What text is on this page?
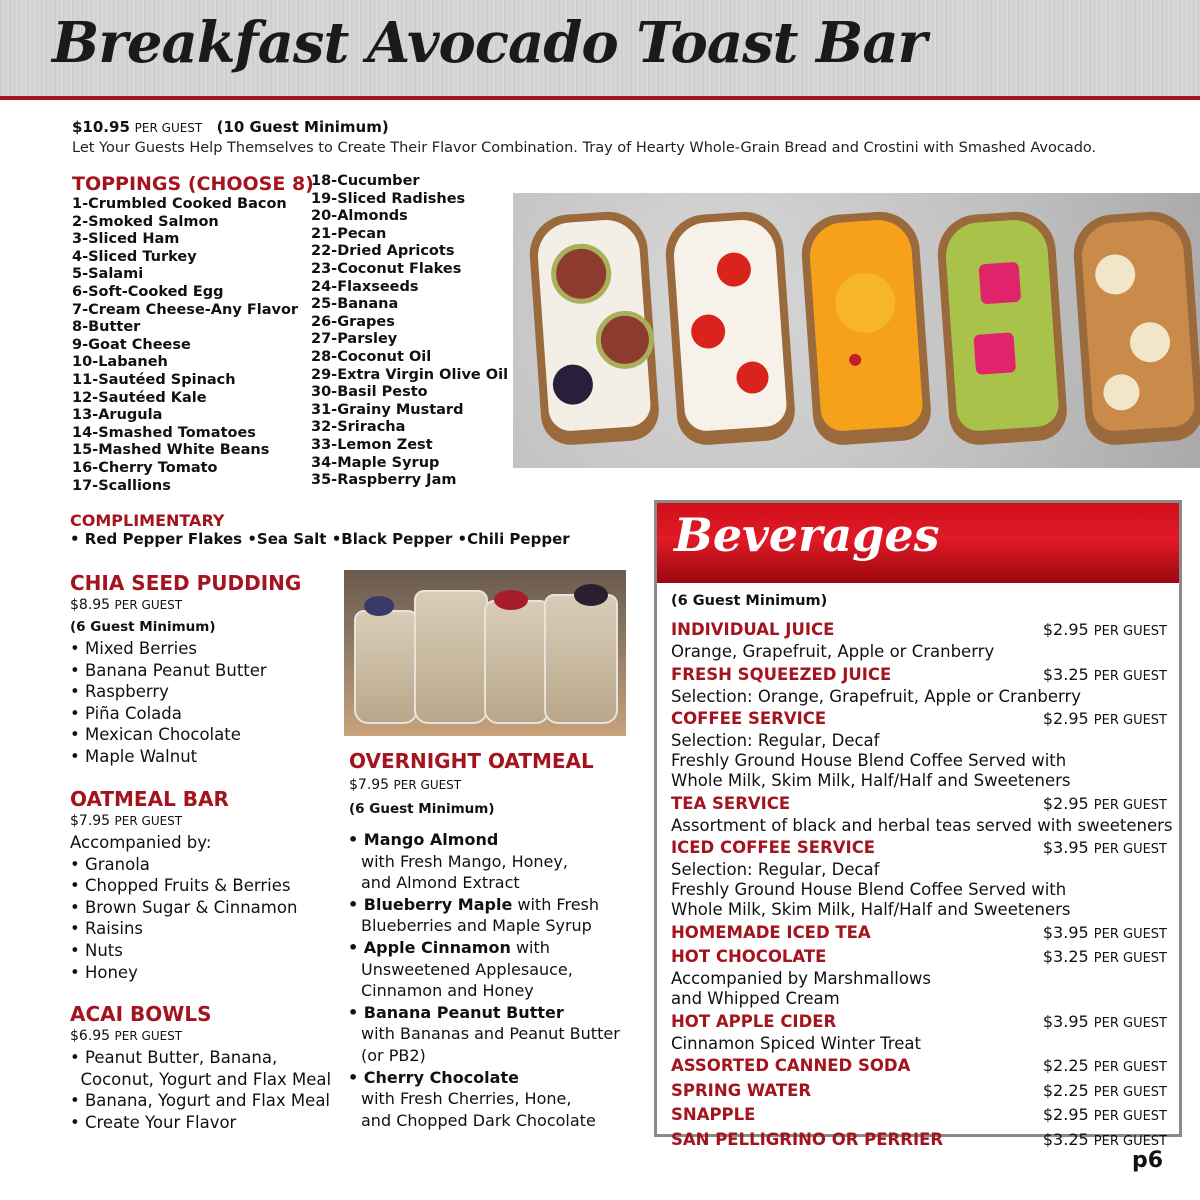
Breakfast Avocado Toast Bar
$10.95 PER GUEST (10 Guest Minimum)
Let Your Guests Help Themselves to Create Their Flavor Combination. Tray of Hearty Whole-Grain Bread and Crostini with Smashed Avocado.
TOPPINGS (CHOOSE 8)
1-Crumbled Cooked Bacon
2-Smoked Salmon
3-Sliced Ham
4-Sliced Turkey
5-Salami
6-Soft-Cooked Egg
7-Cream Cheese-Any Flavor
8-Butter
9-Goat Cheese
10-Labaneh
11-Sautéed Spinach
12-Sautéed Kale
13-Arugula
14-Smashed Tomatoes
15-Mashed White Beans
16-Cherry Tomato
17-Scallions
18-Cucumber
19-Sliced Radishes
20-Almonds
21-Pecan
22-Dried Apricots
23-Coconut Flakes
24-Flaxseeds
25-Banana
26-Grapes
27-Parsley
28-Coconut Oil
29-Extra Virgin Olive Oil
30-Basil Pesto
31-Grainy Mustard
32-Sriracha
33-Lemon Zest
34-Maple Syrup
35-Raspberry Jam
COMPLIMENTARY
• Red Pepper Flakes •Sea Salt •Black Pepper •Chili Pepper
CHIA SEED PUDDING
$8.95 PER GUEST
(6 Guest Minimum)
• Mixed Berries
• Banana Peanut Butter
• Raspberry
• Piña Colada
• Mexican Chocolate
• Maple Walnut	OVERNIGHT OATMEAL
$7.95 PER GUEST
(6 Guest Minimum)
• Mango Almond
with Fresh Mango, Honey,
and Almond Extract
• Blueberry Maple with Fresh
Blueberries and Maple Syrup
• Apple Cinnamon with
Unsweetened Applesauce,
Cinnamon and Honey
• Banana Peanut Butter
with Bananas and Peanut Butter
(or PB2)
• Cherry Chocolate
with Fresh Cherries, Hone,
and Chopped Dark Chocolate
OATMEAL BAR
$7.95 PER GUEST
Accompanied by:
• Granola
• Chopped Fruits & Berries
• Brown Sugar & Cinnamon
• Raisins
• Nuts
• Honey
ACAI BOWLS
$6.95 PER GUEST
• Peanut Butter, Banana,
Coconut, Yogurt and Flax Meal
• Banana, Yogurt and Flax Meal
• Create Your Flavor
Beverages
(6 Guest Minimum)
INDIVIDUAL JUICE	$2.95 PER GUEST
Orange, Grapefruit, Apple or Cranberry
FRESH SQUEEZED JUICE	$3.25 PER GUEST
Selection: Orange, Grapefruit, Apple or Cranberry
COFFEE SERVICE	$2.95 PER GUEST
Selection: Regular, Decaf
Freshly Ground House Blend Coffee Served with
Whole Milk, Skim Milk, Half/Half and Sweeteners
TEA SERVICE	$2.95 PER GUEST
Assortment of black and herbal teas served with sweeteners
ICED COFFEE SERVICE	$3.95 PER GUEST
Selection: Regular, Decaf
Freshly Ground House Blend Coffee Served with
Whole Milk, Skim Milk, Half/Half and Sweeteners
HOMEMADE ICED TEA	$3.95 PER GUEST
HOT CHOCOLATE	$3.25 PER GUEST
Accompanied by Marshmallows
and Whipped Cream
HOT APPLE CIDER	$3.95 PER GUEST
Cinnamon Spiced Winter Treat
ASSORTED CANNED SODA	$2.25 PER GUEST
SPRING WATER	$2.25 PER GUEST
SNAPPLE	$2.95 PER GUEST
SAN PELLIGRINO OR PERRIER	$3.25 PER GUEST
p6
